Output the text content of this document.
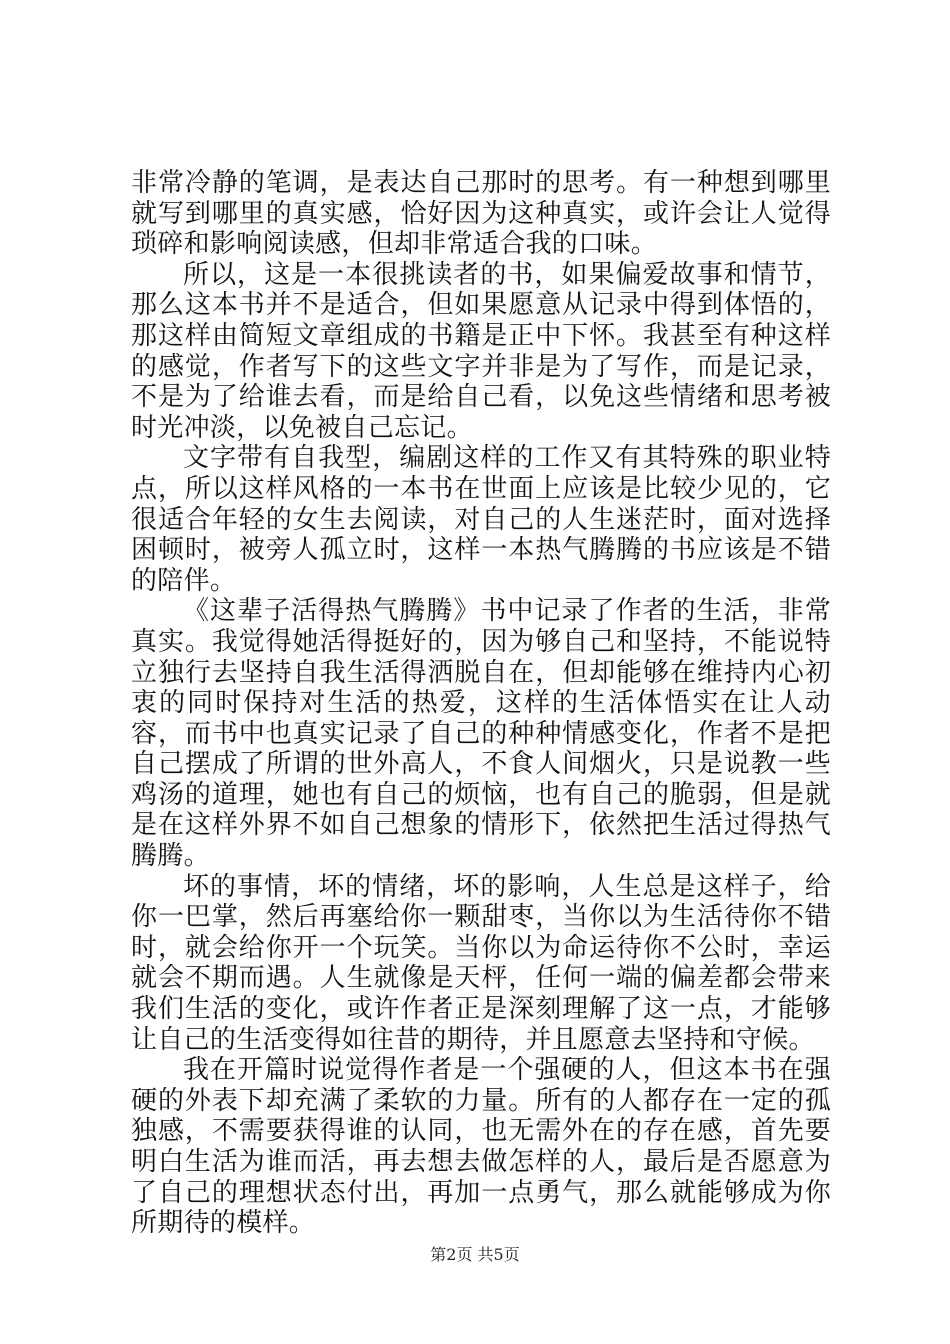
非常冷静的笔调，是表达自己那时的思考。有一种想到哪里就写到哪里的真实感，恰好因为这种真实，或许会让人觉得琐碎和影响阅读感，但却非常适合我的口味。

所以，这是一本很挑读者的书，如果偏爱故事和情节，那么这本书并不是适合，但如果愿意从记录中得到体悟的，那这样由简短文章组成的书籍是正中下怀。我甚至有种这样的感觉，作者写下的这些文字并非是为了写作，而是记录，不是为了给谁去看，而是给自己看，以免这些情绪和思考被时光冲淡，以免被自己忘记。

文字带有自我型，编剧这样的工作又有其特殊的职业特点，所以这样风格的一本书在世面上应该是比较少见的，它很适合年轻的女生去阅读，对自己的人生迷茫时，面对选择困顿时，被旁人孤立时，这样一本热气腾腾的书应该是不错的陪伴。

《这辈子活得热气腾腾》书中记录了作者的生活，非常真实。我觉得她活得挺好的，因为够自己和坚持，不能说特立独行去坚持自我生活得洒脱自在，但却能够在维持内心初衷的同时保持对生活的热爱，这样的生活体悟实在让人动容，而书中也真实记录了自己的种种情感变化，作者不是把自己摆成了所谓的世外高人，不食人间烟火，只是说教一些鸡汤的道理，她也有自己的烦恼，也有自己的脆弱，但是就是在这样外界不如自己想象的情形下，依然把生活过得热气腾腾。

坏的事情，坏的情绪，坏的影响，人生总是这样子，给你一巴掌，然后再塞给你一颗甜枣，当你以为生活待你不错时，就会给你开一个玩笑。当你以为命运待你不公时，幸运就会不期而遇。人生就像是天枰，任何一端的偏差都会带来我们生活的变化，或许作者正是深刻理解了这一点，才能够让自己的生活变得如往昔的期待，并且愿意去坚持和守候。

我在开篇时说觉得作者是一个强硬的人，但这本书在强硬的外表下却充满了柔软的力量。所有的人都存在一定的孤独感，不需要获得谁的认同，也无需外在的存在感，首先要明白生活为谁而活，再去想去做怎样的人，最后是否愿意为了自己的理想状态付出，再加一点勇气，那么就能够成为你所期待的模样。

第2页 共5页
